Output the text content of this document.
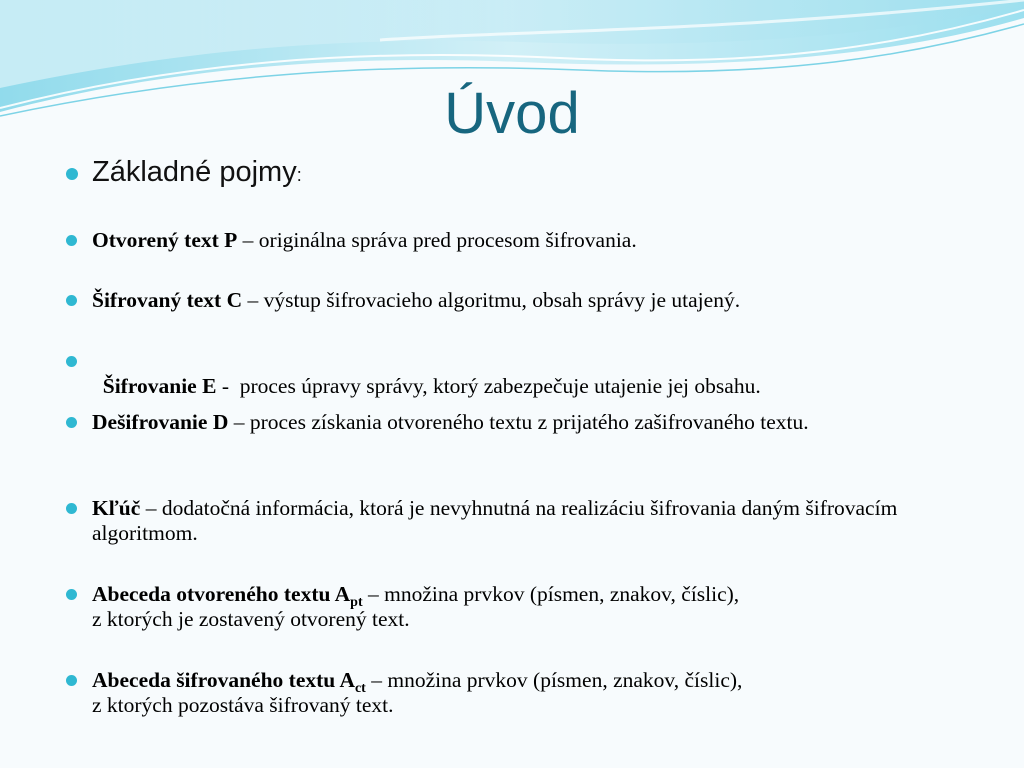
Úvod
Základné pojmy:
Otvorený text P – originálna správa pred procesom šifrovania.
Šifrovaný text C – výstup šifrovacieho algoritmu, obsah správy je utajený.

Šifrovanie E -  proces úpravy správy, ktorý zabezpečuje utajenie jej obsahu.

Dešifrovanie D – proces získania otvoreného textu z prijatého zašifrovaného textu.
Kľúč – dodatočná informácia, ktorá je nevyhnutná na realizáciu šifrovania daným šifrovacím algoritmom.
Abeceda otvoreného textu $A_{pt}$ – množina prvkov (písmen, znakov, číslic),
z ktorých je zostavený otvorený text.
Abeceda šifrovaného textu $A_{ct}$ – množina prvkov (písmen, znakov, číslic),
z ktorých pozostáva šifrovaný text.
